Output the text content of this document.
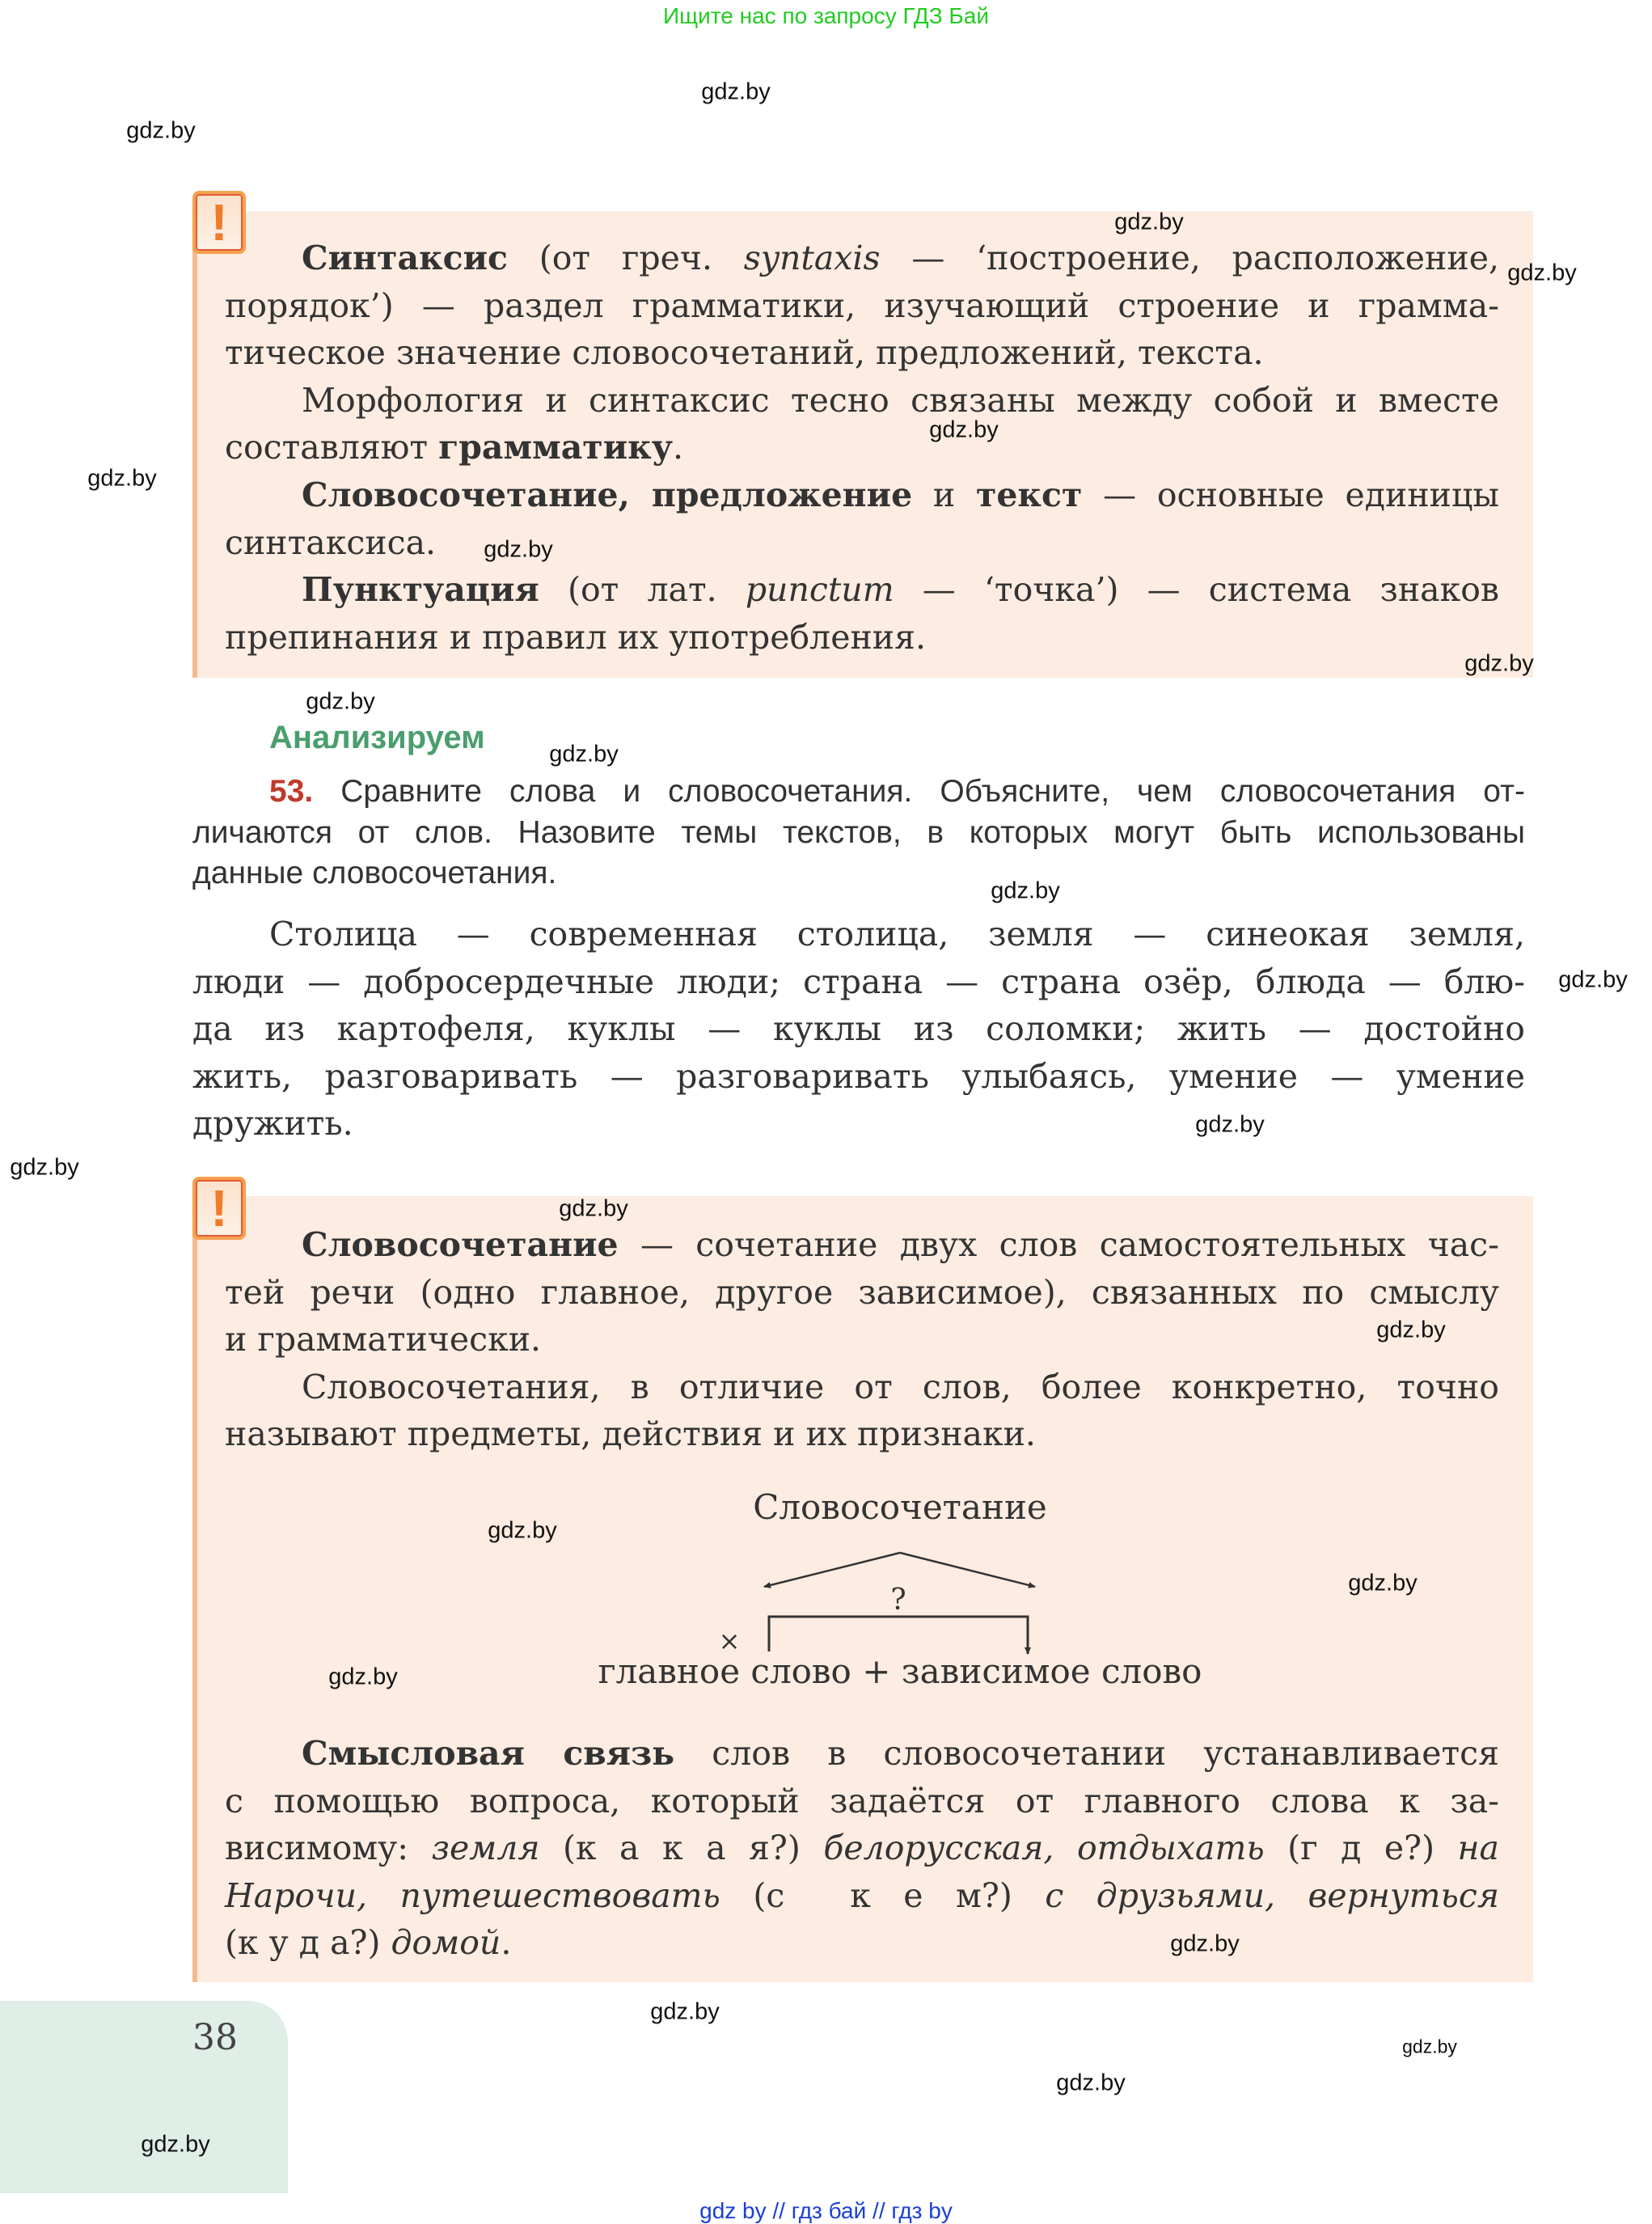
Ищите нас по запросу ГДЗ Бай
!
Синтаксис (от греч. syntaxis — ‘построение, расположение,
порядок’) — раздел грамматики, изучающий строение и грамма-
тическое значение словосочетаний, предложений, текста.
Морфология и синтаксис тесно связаны между собой и вместе
составляют грамматику.
Словосочетание, предложение и текст — основные единицы
синтаксиса.
Пунктуация (от лат. punctum — ‘точка’) — система знаков
препинания и правил их употребления.
Анализируем
53. Сравните слова и словосочетания. Объясните, чем словосочетания от-
личаются от слов. Назовите темы текстов, в которых могут быть использованы
данные словосочетания.
Столица — современная столица, земля — синеокая земля,
люди — добросердечные люди; страна — страна озёр, блюда — блю-
да из картофеля, куклы — куклы из соломки; жить — достойно
жить, разговаривать — разговаривать улыбаясь, умение — умение
дружить.
!
Словосочетание — сочетание двух слов самостоятельных час-
тей речи (одно главное, другое зависимое), связанных по смыслу
и грамматически.
Словосочетания, в отличие от слов, более конкретно, точно
называют предметы, действия и их признаки.
Словосочетание
?
×
главное слово + зависимое слово
Смысловая связь слов в словосочетании устанавливается
с помощью вопроса, который задаётся от главного слова к за-
висимому: земля (к а к а я?) белорусская, отдыхать (г д е?) на
Нарочи, путешествовать (с  к е м?) с друзьями, вернуться
(к у д а?) домой.
38
gdz.by
gdz.by
gdz.by
gdz.by
gdz.by
gdz.by
gdz.by
gdz.by
gdz.by
gdz.by
gdz.by
gdz.by
gdz.by
gdz.by
gdz.by
gdz.by
gdz.by
gdz.by
gdz.by
gdz.by
gdz.by
gdz.by
gdz.by
gdz.by
gdz by // гдз бай // гдз by
